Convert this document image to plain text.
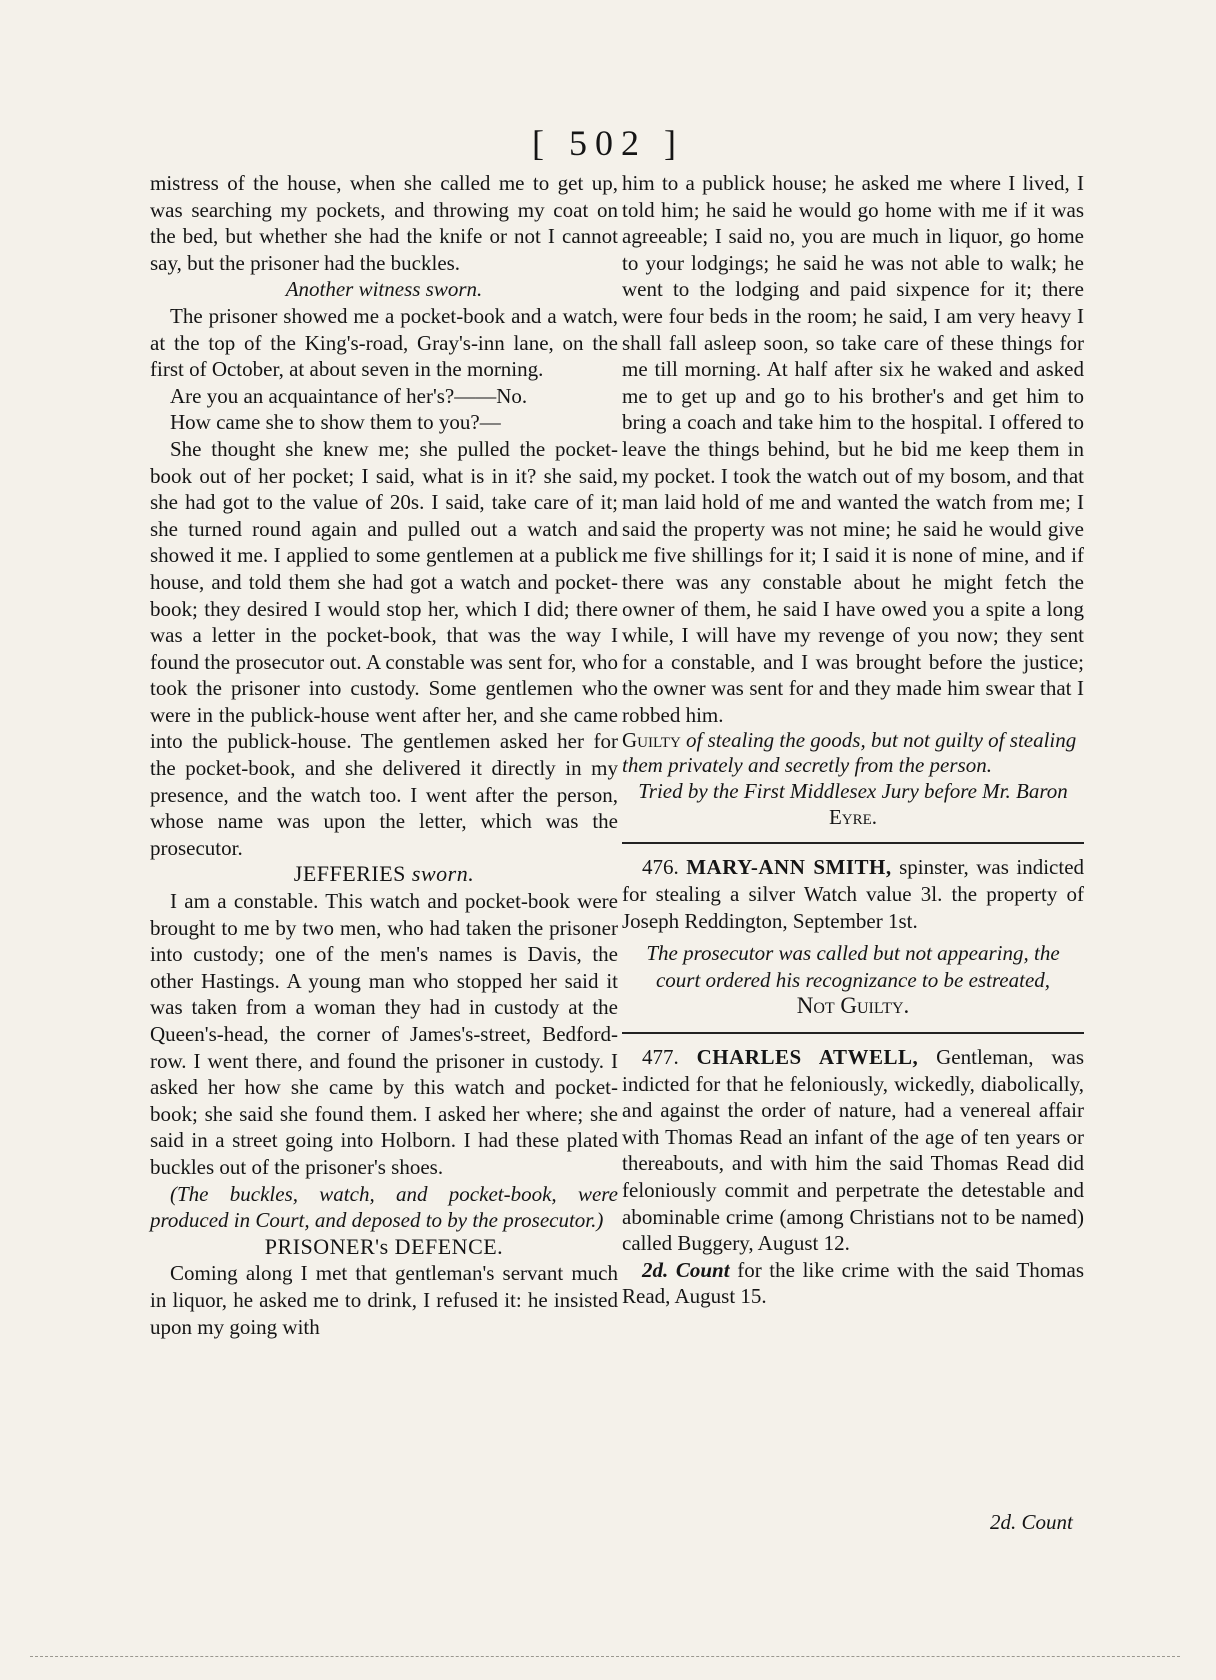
[ 502 ]

mistress of the house, when she called me to get up, was searching my pockets, and throwing my coat on the bed, but whether she had the knife or not I cannot say, but the prisoner had the buckles.

Another witness sworn.

The prisoner showed me a pocket-book and a watch, at the top of the King's-road, Gray's-inn lane, on the first of October, at about seven in the morning.

Are you an acquaintance of her's?——No.

How came she to show them to you?—

She thought she knew me; she pulled the pocket-book out of her pocket; I said, what is in it? she said, she had got to the value of 20s. I said, take care of it; she turned round again and pulled out a watch and showed it me. I applied to some gentlemen at a publick house, and told them she had got a watch and pocket-book; they desired I would stop her, which I did; there was a letter in the pocket-book, that was the way I found the prosecutor out. A constable was sent for, who took the prisoner into custody. Some gentlemen who were in the publick-house went after her, and she came into the publick-house. The gentlemen asked her for the pocket-book, and she delivered it directly in my presence, and the watch too. I went after the person, whose name was upon the letter, which was the prosecutor.

JEFFERIES sworn.

I am a constable. This watch and pocket-book were brought to me by two men, who had taken the prisoner into custody; one of the men's names is Davis, the other Hastings. A young man who stopped her said it was taken from a woman they had in custody at the Queen's-head, the corner of James's-street, Bedford-row. I went there, and found the prisoner in custody. I asked her how she came by this watch and pocket-book; she said she found them. I asked her where; she said in a street going into Holborn. I had these plated buckles out of the prisoner's shoes.

(The buckles, watch, and pocket-book, were produced in Court, and deposed to by the prosecutor.)

PRISONER's DEFENCE.

Coming along I met that gentleman's servant much in liquor, he asked me to drink, I refused it: he insisted upon my going with

him to a publick house; he asked me where I lived, I told him; he said he would go home with me if it was agreeable; I said no, you are much in liquor, go home to your lodgings; he said he was not able to walk; he went to the lodging and paid sixpence for it; there were four beds in the room; he said, I am very heavy I shall fall asleep soon, so take care of these things for me till morning. At half after six he waked and asked me to get up and go to his brother's and get him to bring a coach and take him to the hospital. I offered to leave the things behind, but he bid me keep them in my pocket. I took the watch out of my bosom, and that man laid hold of me and wanted the watch from me; I said the property was not mine; he said he would give me five shillings for it; I said it is none of mine, and if there was any constable about he might fetch the owner of them, he said I have owed you a spite a long while, I will have my revenge of you now; they sent for a constable, and I was brought before the justice; the owner was sent for and they made him swear that I robbed him.

Guilty of stealing the goods, but not guilty of stealing them privately and secretly from the person.

Tried by the First Middlesex Jury before Mr. Baron Eyre.

476. MARY-ANN SMITH, spinster, was indicted for stealing a silver Watch value 3l. the property of Joseph Reddington, September 1st.

The prosecutor was called but not appearing, the court ordered his recognizance to be estreated,

Not Guilty.

477. CHARLES ATWELL, Gentleman, was indicted for that he feloniously, wickedly, diabolically, and against the order of nature, had a venereal affair with Thomas Read an infant of the age of ten years or thereabouts, and with him the said Thomas Read did feloniously commit and perpetrate the detestable and abominable crime (among Christians not to be named) called Buggery, August 12.

2d. Count for the like crime with the said Thomas Read, August 15.

2d. Count
